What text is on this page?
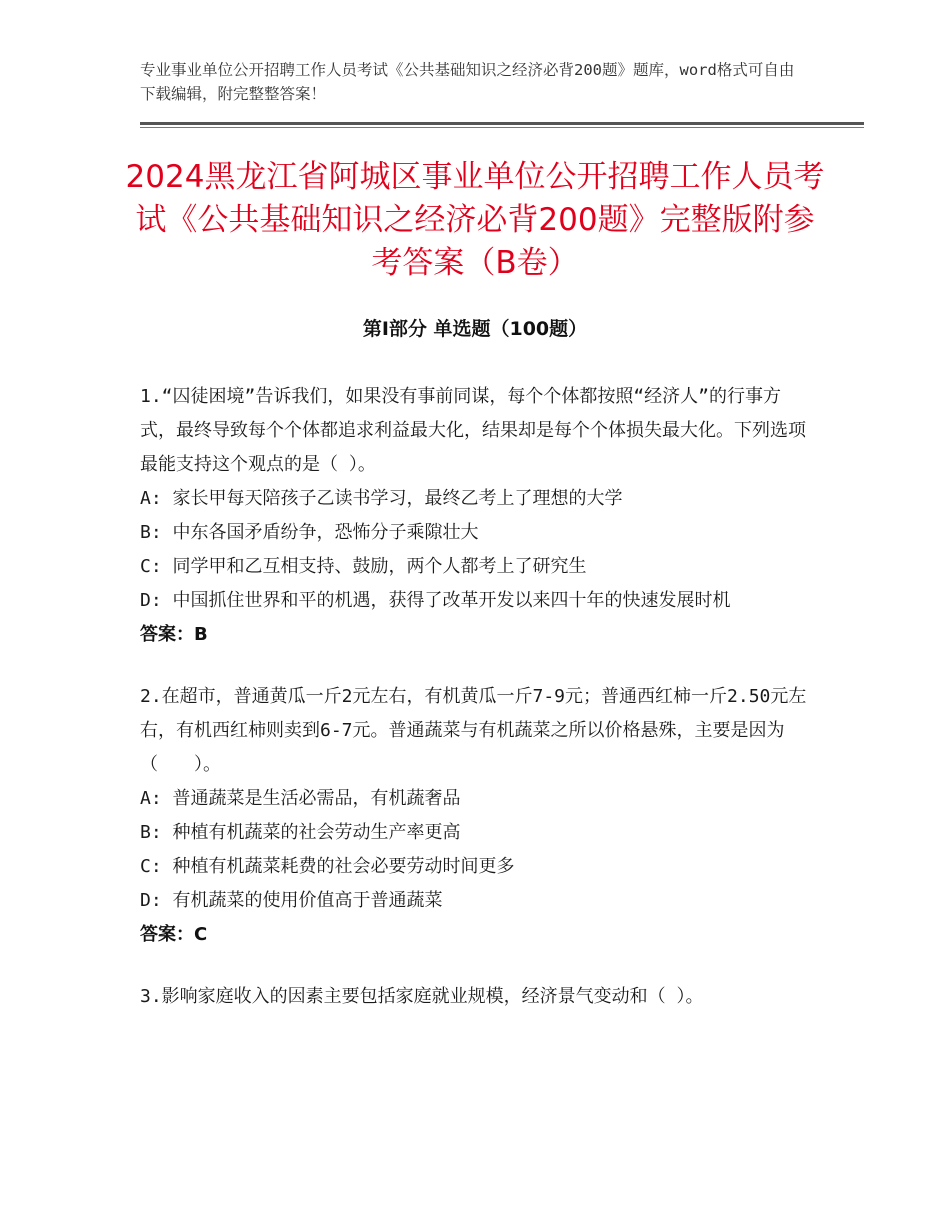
专业事业单位公开招聘工作人员考试《公共基础知识之经济必背200题》题库，word格式可自由下载编辑，附完整整答案！

2024黑龙江省阿城区事业单位公开招聘工作人员考试《公共基础知识之经济必背200题》完整版附参考答案（B卷）
第Ⅰ部分 单选题（100题）

1.“囚徒困境”告诉我们，如果没有事前同谋，每个个体都按照“经济人”的行事方式，最终导致每个个体都追求利益最大化，结果却是每个个体损失最大化。下列选项最能支持这个观点的是（ ）。

A: 家长甲每天陪孩子乙读书学习，最终乙考上了理想的大学

B: 中东各国矛盾纷争，恐怖分子乘隙壮大

C: 同学甲和乙互相支持、鼓励，两个人都考上了研究生

D: 中国抓住世界和平的机遇，获得了改革开发以来四十年的快速发展时机

答案：B

2.在超市，普通黄瓜一斤2元左右，有机黄瓜一斤7-9元；普通西红柿一斤2.50元左右，有机西红柿则卖到6-7元。普通蔬菜与有机蔬菜之所以价格悬殊，主要是因为（　　）。

A: 普通蔬菜是生活必需品，有机蔬奢品

B: 种植有机蔬菜的社会劳动生产率更高

C: 种植有机蔬菜耗费的社会必要劳动时间更多

D: 有机蔬菜的使用价值高于普通蔬菜

答案：C

3.影响家庭收入的因素主要包括家庭就业规模，经济景气变动和（ ）。
